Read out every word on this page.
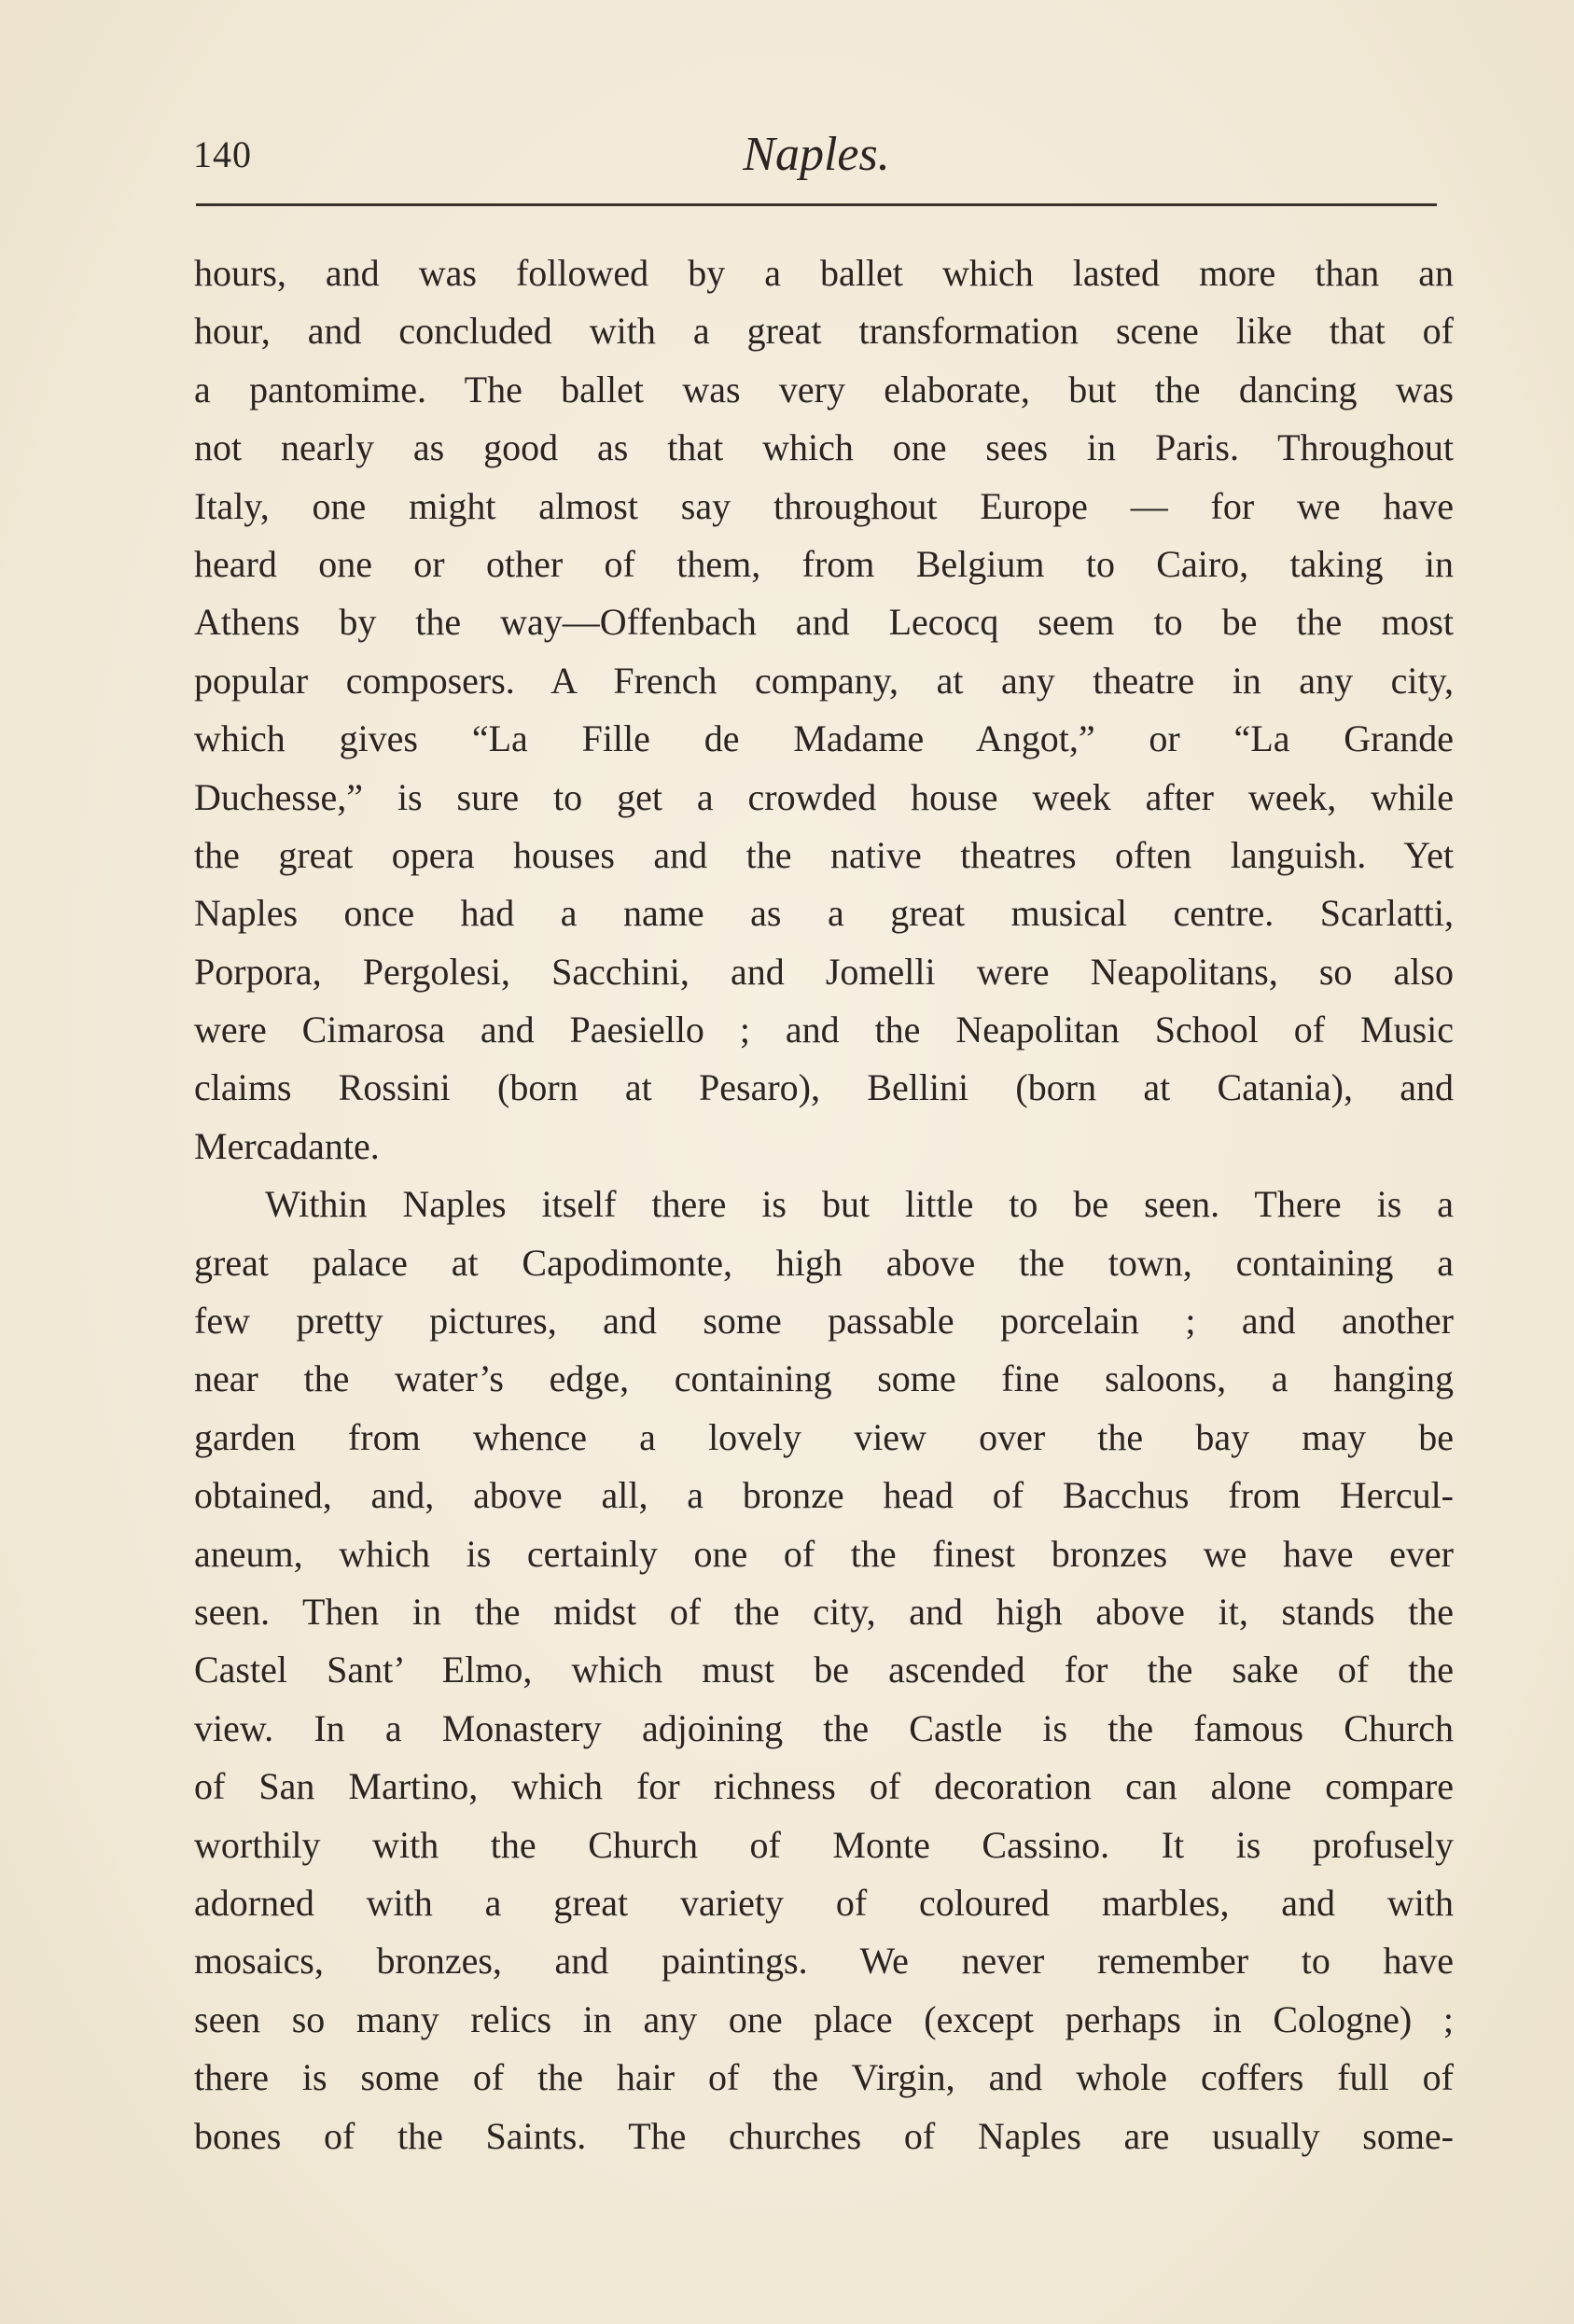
140	Naples.
hours, and was followed by a ballet which lasted more than an
hour, and concluded with a great transformation scene like that of
a pantomime. The ballet was very elaborate, but the dancing was
not nearly as good as that which one sees in Paris. Throughout
Italy, one might almost say throughout Europe — for we have
heard one or other of them, from Belgium to Cairo, taking in
Athens by the way—Offenbach and Lecocq seem to be the most
popular composers. A French company, at any theatre in any city,
which gives “La Fille de Madame Angot,” or “La Grande
Duchesse,” is sure to get a crowded house week after week, while
the great opera houses and the native theatres often languish. Yet
Naples once had a name as a great musical centre. Scarlatti,
Porpora, Pergolesi, Sacchini, and Jomelli were Neapolitans, so also
were Cimarosa and Paesiello ; and the Neapolitan School of Music
claims Rossini (born at Pesaro), Bellini (born at Catania), and
Mercadante.
Within Naples itself there is but little to be seen. There is a
great palace at Capodimonte, high above the town, containing a
few pretty pictures, and some passable porcelain ; and another
near the water’s edge, containing some fine saloons, a hanging
garden from whence a lovely view over the bay may be
obtained, and, above all, a bronze head of Bacchus from Hercul-
aneum, which is certainly one of the finest bronzes we have ever
seen. Then in the midst of the city, and high above it, stands the
Castel Sant’ Elmo, which must be ascended for the sake of the
view. In a Monastery adjoining the Castle is the famous Church
of San Martino, which for richness of decoration can alone compare
worthily with the Church of Monte Cassino. It is profusely
adorned with a great variety of coloured marbles, and with
mosaics, bronzes, and paintings. We never remember to have
seen so many relics in any one place (except perhaps in Cologne) ;
there is some of the hair of the Virgin, and whole coffers full of
bones of the Saints. The churches of Naples are usually some-
